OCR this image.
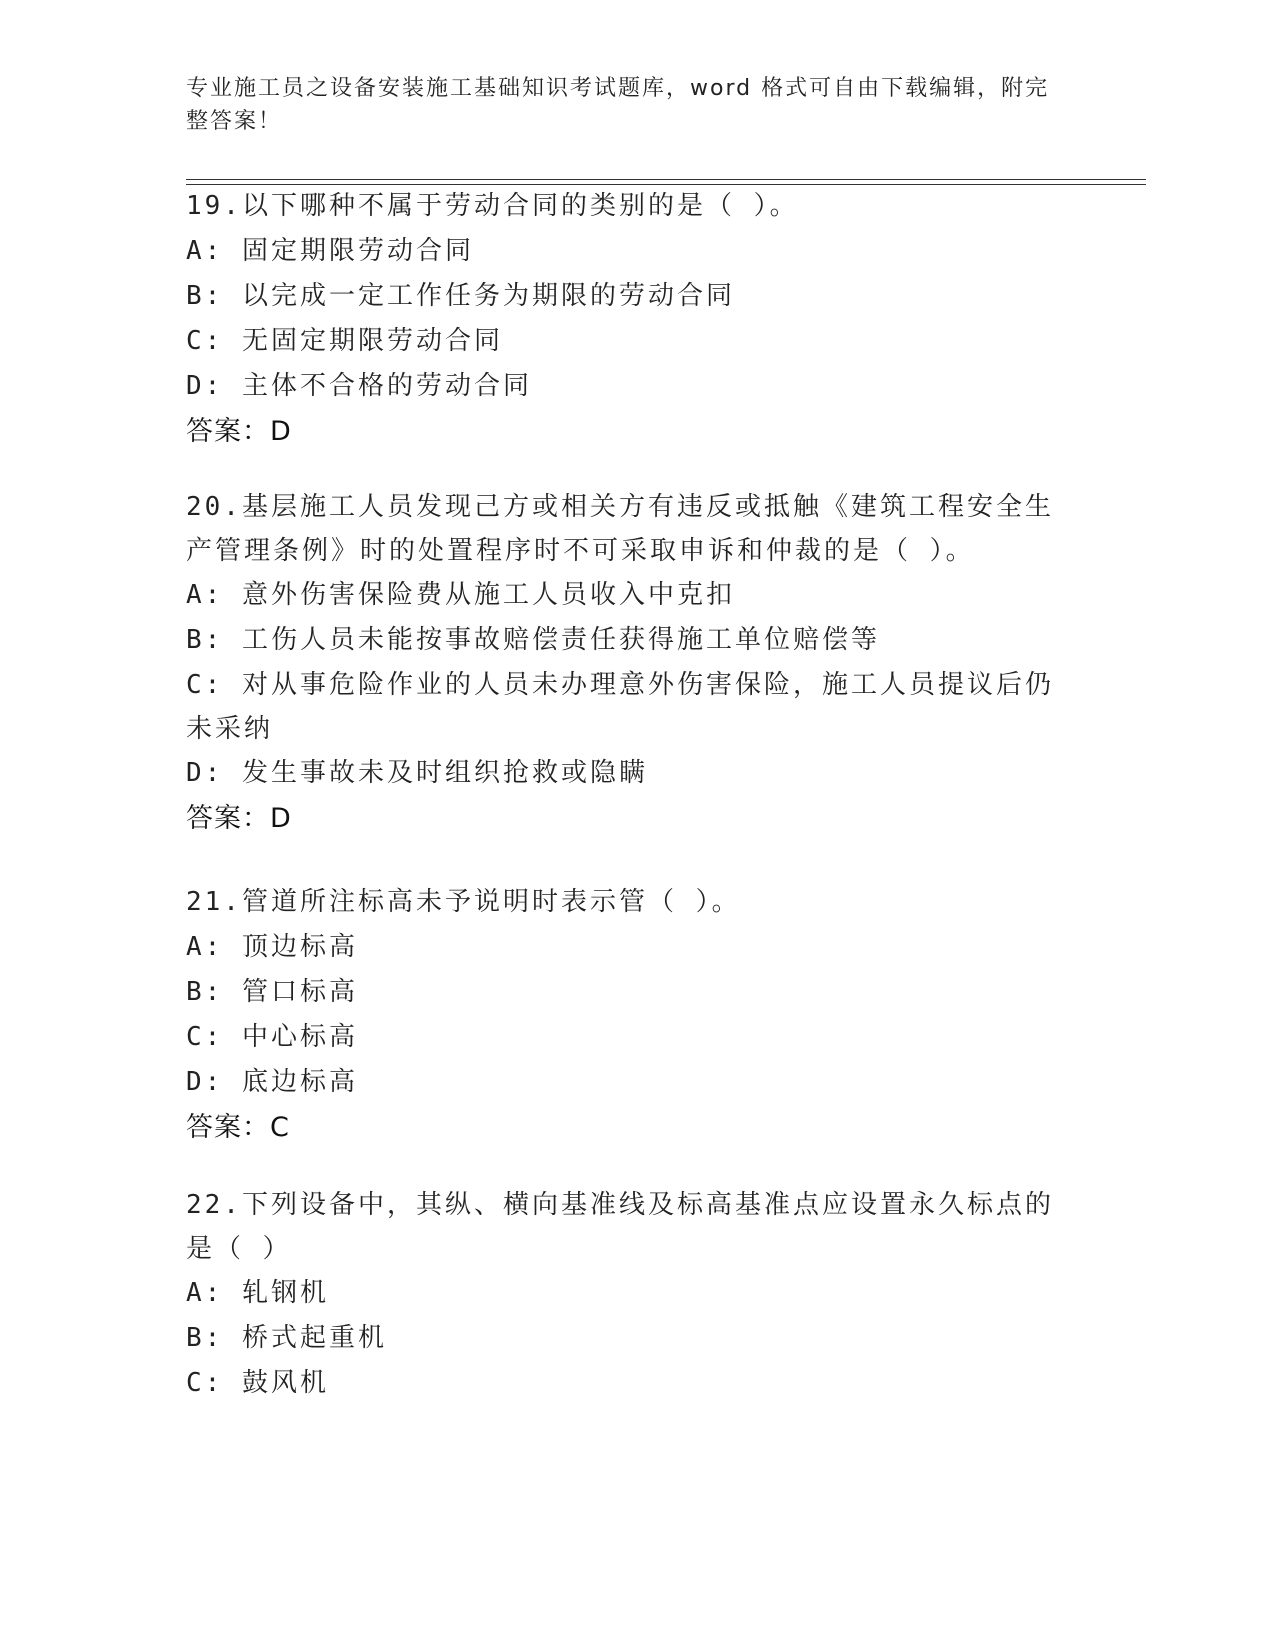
专业施工员之设备安装施工基础知识考试题库，word 格式可自由下载编辑，附完整答案！
19.以下哪种不属于劳动合同的类别的是（ ）。
A: 固定期限劳动合同
B: 以完成一定工作任务为期限的劳动合同
C: 无固定期限劳动合同
D: 主体不合格的劳动合同
答案：D
20.基层施工人员发现己方或相关方有违反或抵触《建筑工程安全生产管理条例》时的处置程序时不可采取申诉和仲裁的是（ ）。
A: 意外伤害保险费从施工人员收入中克扣
B: 工伤人员未能按事故赔偿责任获得施工单位赔偿等
C: 对从事危险作业的人员未办理意外伤害保险，施工人员提议后仍未采纳
D: 发生事故未及时组织抢救或隐瞒
答案：D
21.管道所注标高未予说明时表示管（ ）。
A: 顶边标高
B: 管口标高
C: 中心标高
D: 底边标高
答案：C
22.下列设备中，其纵、横向基准线及标高基准点应设置永久标点的是（ ）
A: 轧钢机
B: 桥式起重机
C: 鼓风机
